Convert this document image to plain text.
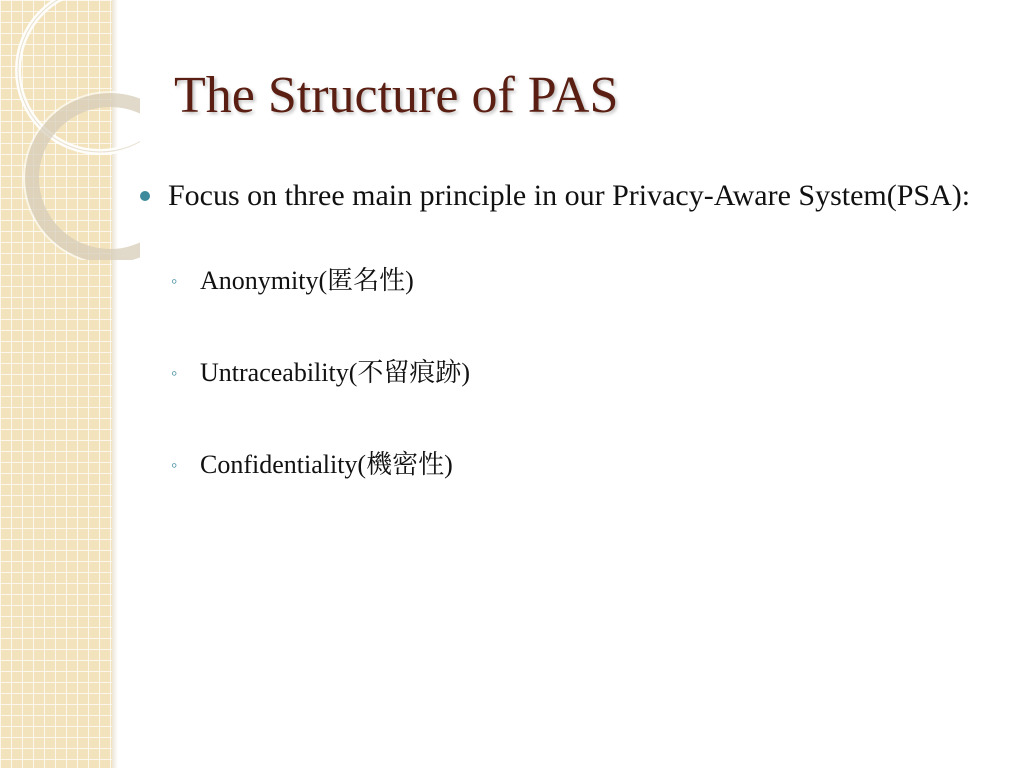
The Structure of PAS
Focus on three main principle in our Privacy-Aware System(PSA):
◦ Anonymity(匿名性)
◦ Untraceability(不留痕跡)
◦ Confidentiality(機密性)
